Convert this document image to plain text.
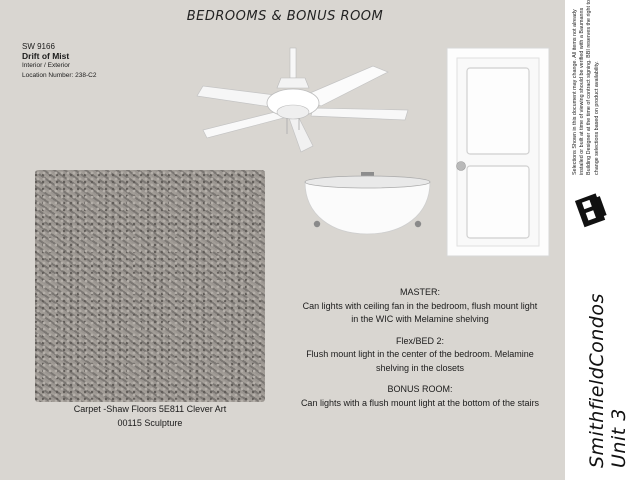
BEDROOMS & BONUS ROOM
SW 9166
Drift of Mist
Interior / Exterior
Location Number: 238-C2
Carpet -Shaw Floors 5E811 Clever Art
00115 Sculpture

MASTER:
Can lights with ceiling fan in the bedroom, flush mount light in the WIC with Melamine shelving

Flex/BED 2:
Flush mount light in the center of the bedroom. Melamine shelving in the closets

BONUS ROOM:
Can lights with a flush mount light at the bottom of the stairs

Selections Shown in this document may change. All items not already installed or built at time of viewing should be verified with a Baumanns Building Designer at the time of contract signing. BBI reserves the right to change selections based on product availability.
SmithfieldCondos Unit 3
